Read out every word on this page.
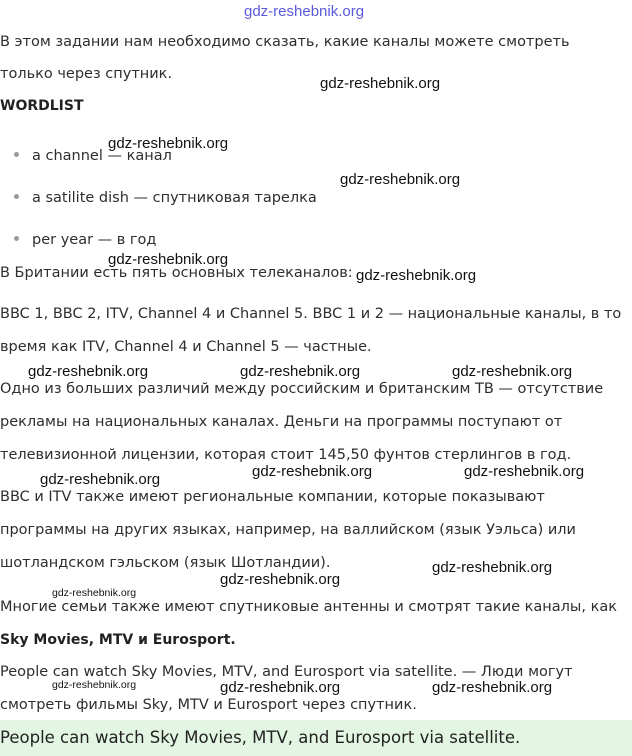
gdz-reshebnik.org
В этом задании нам необходимо сказать, какие каналы можете смотреть
только через спутник.
gdz-reshebnik.org
WORDLIST
gdz-reshebnik.org
a channel — канал
gdz-reshebnik.org
a satilite dish — спутниковая тарелка
per year — в год
gdz-reshebnik.org
В Британии есть пять основных телеканалов: gdz-reshebnik.org
BBC 1, BBC 2, ITV, Channel 4 и Channel 5. BBC 1 и 2 — национальные каналы, в то
время как ITV, Channel 4 и Channel 5 — частные.
gdz-reshebnik.org	gdz-reshebnik.org	gdz-reshebnik.org
Одно из больших различий между российским и британским ТВ — отсутствие
рекламы на национальных каналах. Деньги на программы поступают от
телевизионной лицензии, которая стоит 145,50 фунтов стерлингов в год.
gdz-reshebnik.org	gdz-reshebnik.org	gdz-reshebnik.org
BBC и ITV также имеют региональные компании, которые показывают
программы на других языках, например, на валлийском (язык Уэльса) или
шотландском гэльском (язык Шотландии).
gdz-reshebnik.org
gdz-reshebnik.org
gdz-reshebnik.org
Многие семьи также имеют спутниковые антенны и смотрят такие каналы, как
Sky Movies, MTV и Eurosport.
People can watch Sky Movies, MTV, and Eurosport via satellite. — Люди могут
gdz-reshebnik.org	gdz-reshebnik.org	gdz-reshebnik.org
смотреть фильмы Sky, MTV и Eurosport через спутник.
People can watch Sky Movies, MTV, and Eurosport via satellite.
